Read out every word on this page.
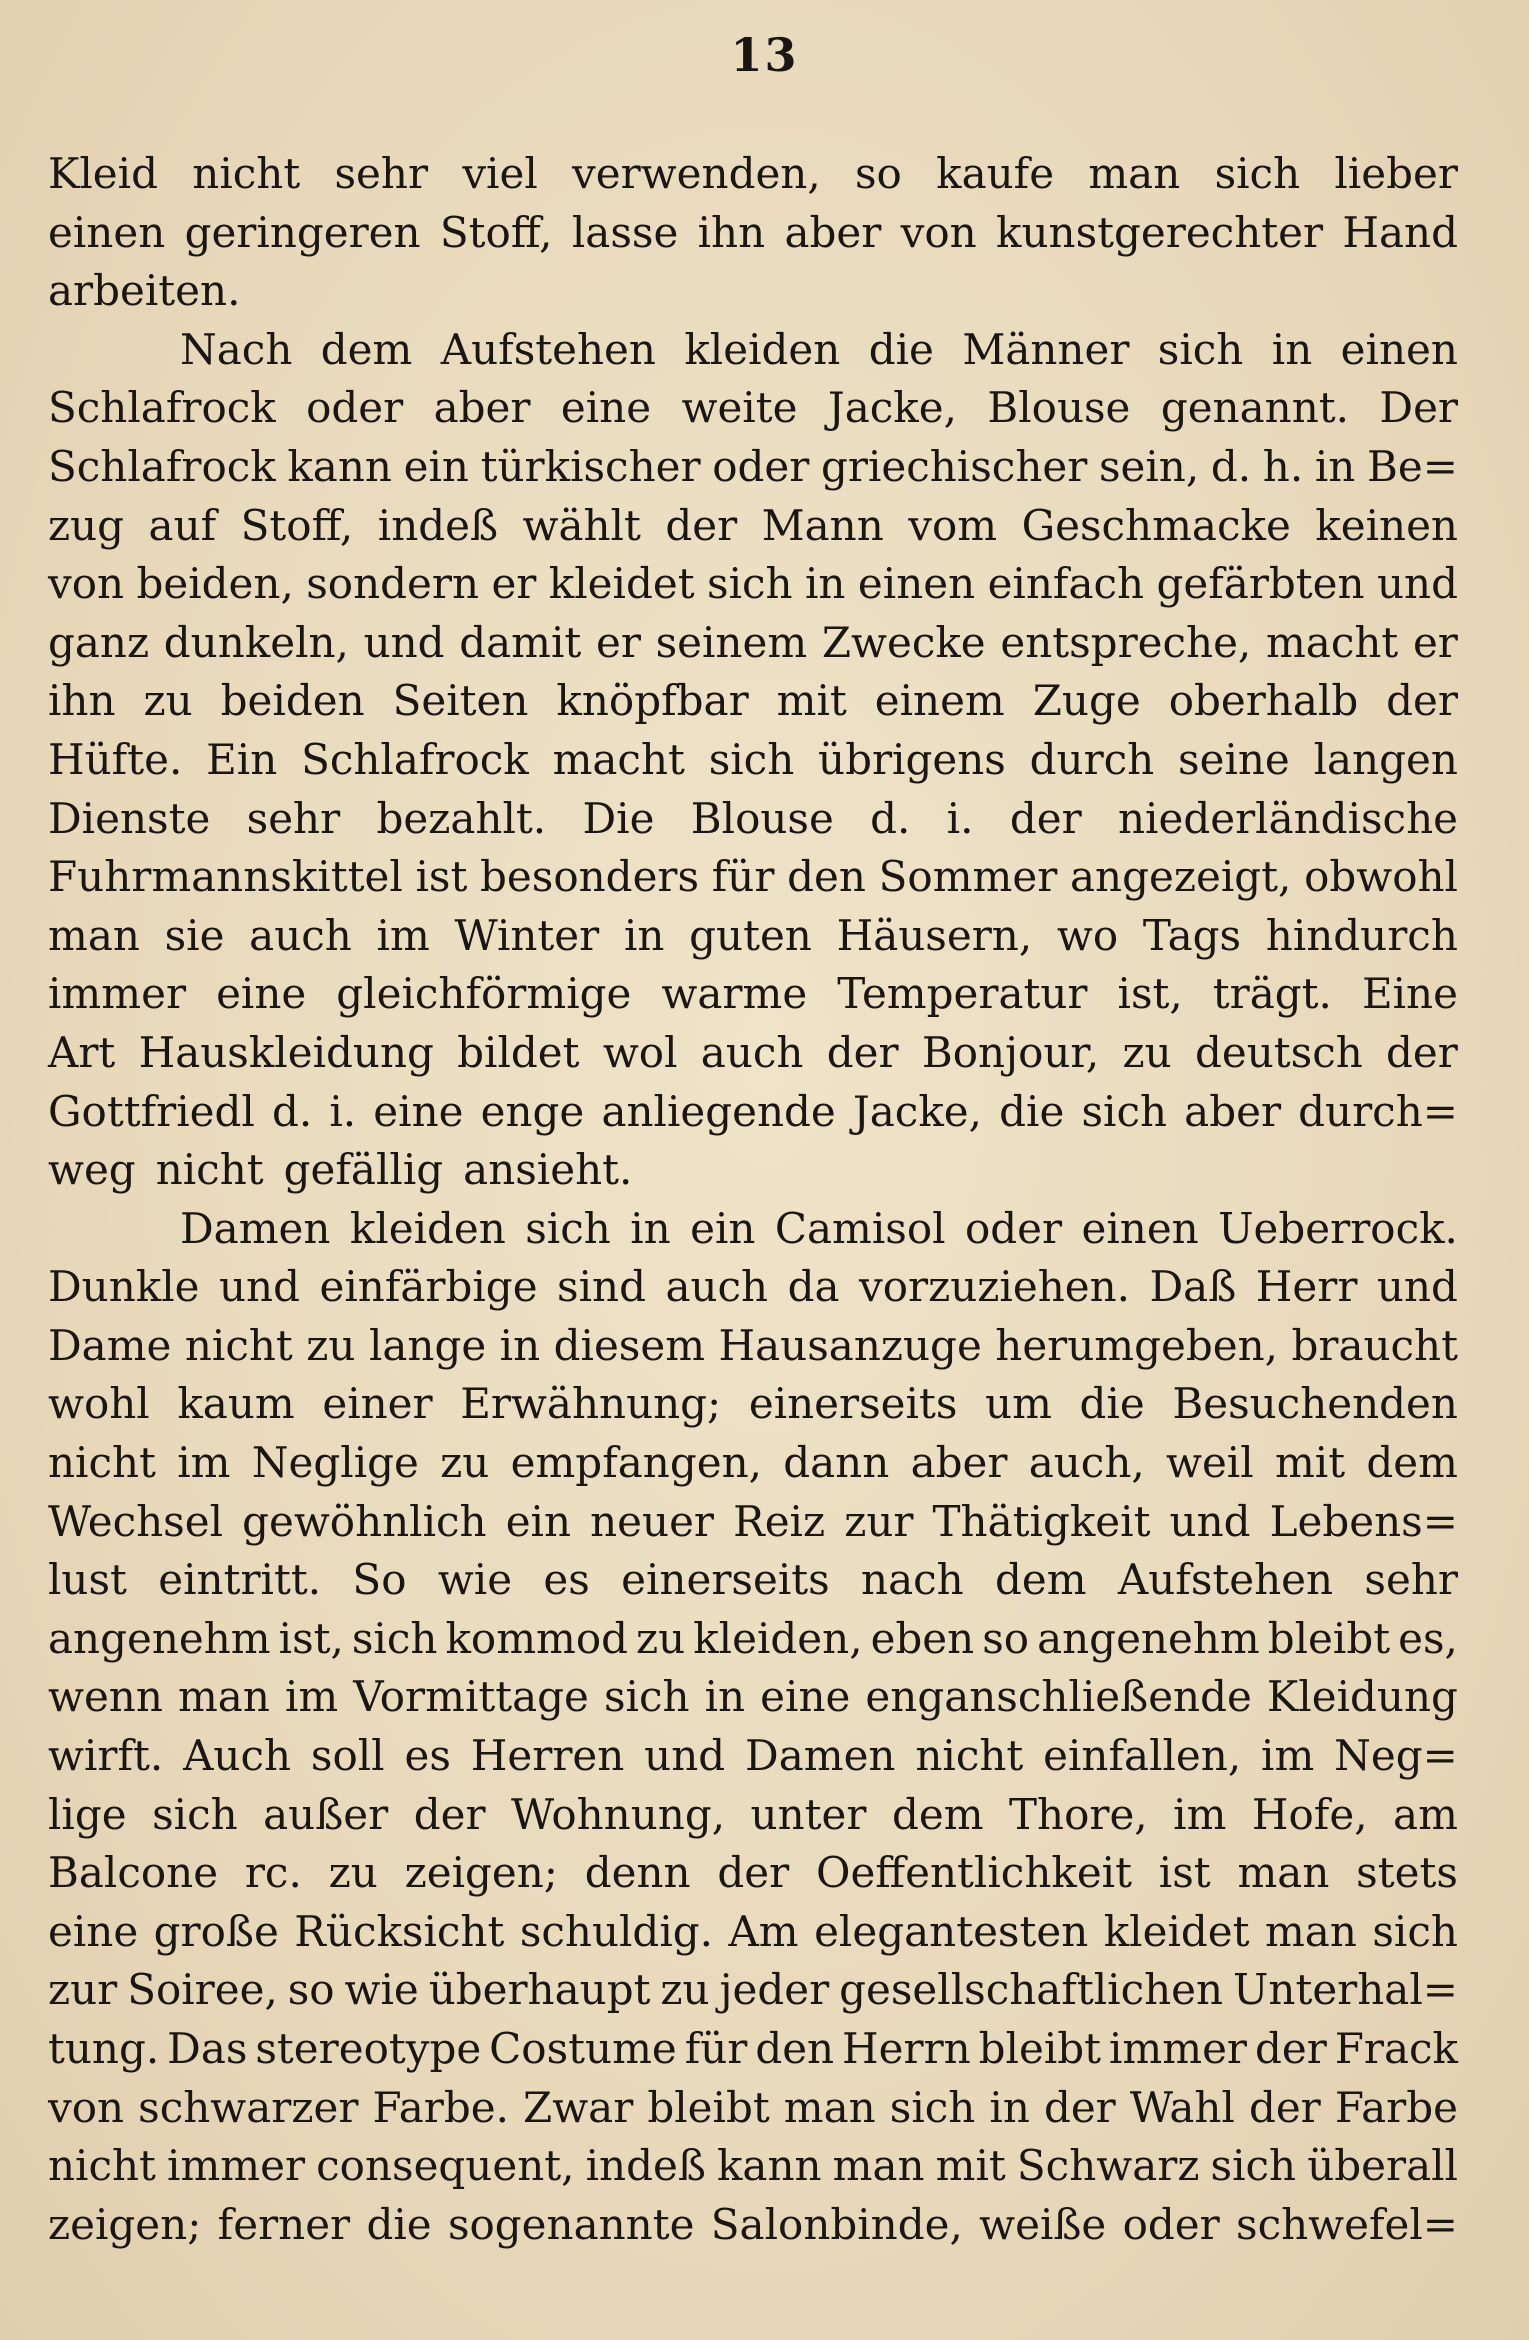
13
Kleid nicht sehr viel verwenden, so kaufe man sich lieber
einen geringeren Stoff, lasse ihn aber von kunstgerechter Hand
arbeiten.
Nach dem Aufstehen kleiden die Männer sich in einen
Schlafrock oder aber eine weite Jacke, Blouse genannt. Der
Schlafrock kann ein türkischer oder griechischer sein, d. h. in Be=
zug auf Stoff, indeß wählt der Mann vom Geschmacke keinen
von beiden, sondern er kleidet sich in einen einfach gefärbten und
ganz dunkeln, und damit er seinem Zwecke entspreche, macht er
ihn zu beiden Seiten knöpfbar mit einem Zuge oberhalb der
Hüfte. Ein Schlafrock macht sich übrigens durch seine langen
Dienste sehr bezahlt. Die Blouse d. i. der niederländische
Fuhrmannskittel ist besonders für den Sommer angezeigt, obwohl
man sie auch im Winter in guten Häusern, wo Tags hindurch
immer eine gleichförmige warme Temperatur ist, trägt. Eine
Art Hauskleidung bildet wol auch der Bonjour, zu deutsch der
Gottfriedl d. i. eine enge anliegende Jacke, die sich aber durch=
weg nicht gefällig ansieht.
Damen kleiden sich in ein Camisol oder einen Ueberrock.
Dunkle und einfärbige sind auch da vorzuziehen. Daß Herr und
Dame nicht zu lange in diesem Hausanzuge herumgeben, braucht
wohl kaum einer Erwähnung; einerseits um die Besuchenden
nicht im Neglige zu empfangen, dann aber auch, weil mit dem
Wechsel gewöhnlich ein neuer Reiz zur Thätigkeit und Lebens=
lust eintritt. So wie es einerseits nach dem Aufstehen sehr
angenehm ist, sich kommod zu kleiden, eben so angenehm bleibt es,
wenn man im Vormittage sich in eine enganschließende Kleidung
wirft. Auch soll es Herren und Damen nicht einfallen, im Neg=
lige sich außer der Wohnung, unter dem Thore, im Hofe, am
Balcone rc. zu zeigen; denn der Oeffentlichkeit ist man stets
eine große Rücksicht schuldig. Am elegantesten kleidet man sich
zur Soiree, so wie überhaupt zu jeder gesellschaftlichen Unterhal=
tung. Das stereotype Costume für den Herrn bleibt immer der Frack
von schwarzer Farbe. Zwar bleibt man sich in der Wahl der Farbe
nicht immer consequent, indeß kann man mit Schwarz sich überall
zeigen; ferner die sogenannte Salonbinde, weiße oder schwefel=
